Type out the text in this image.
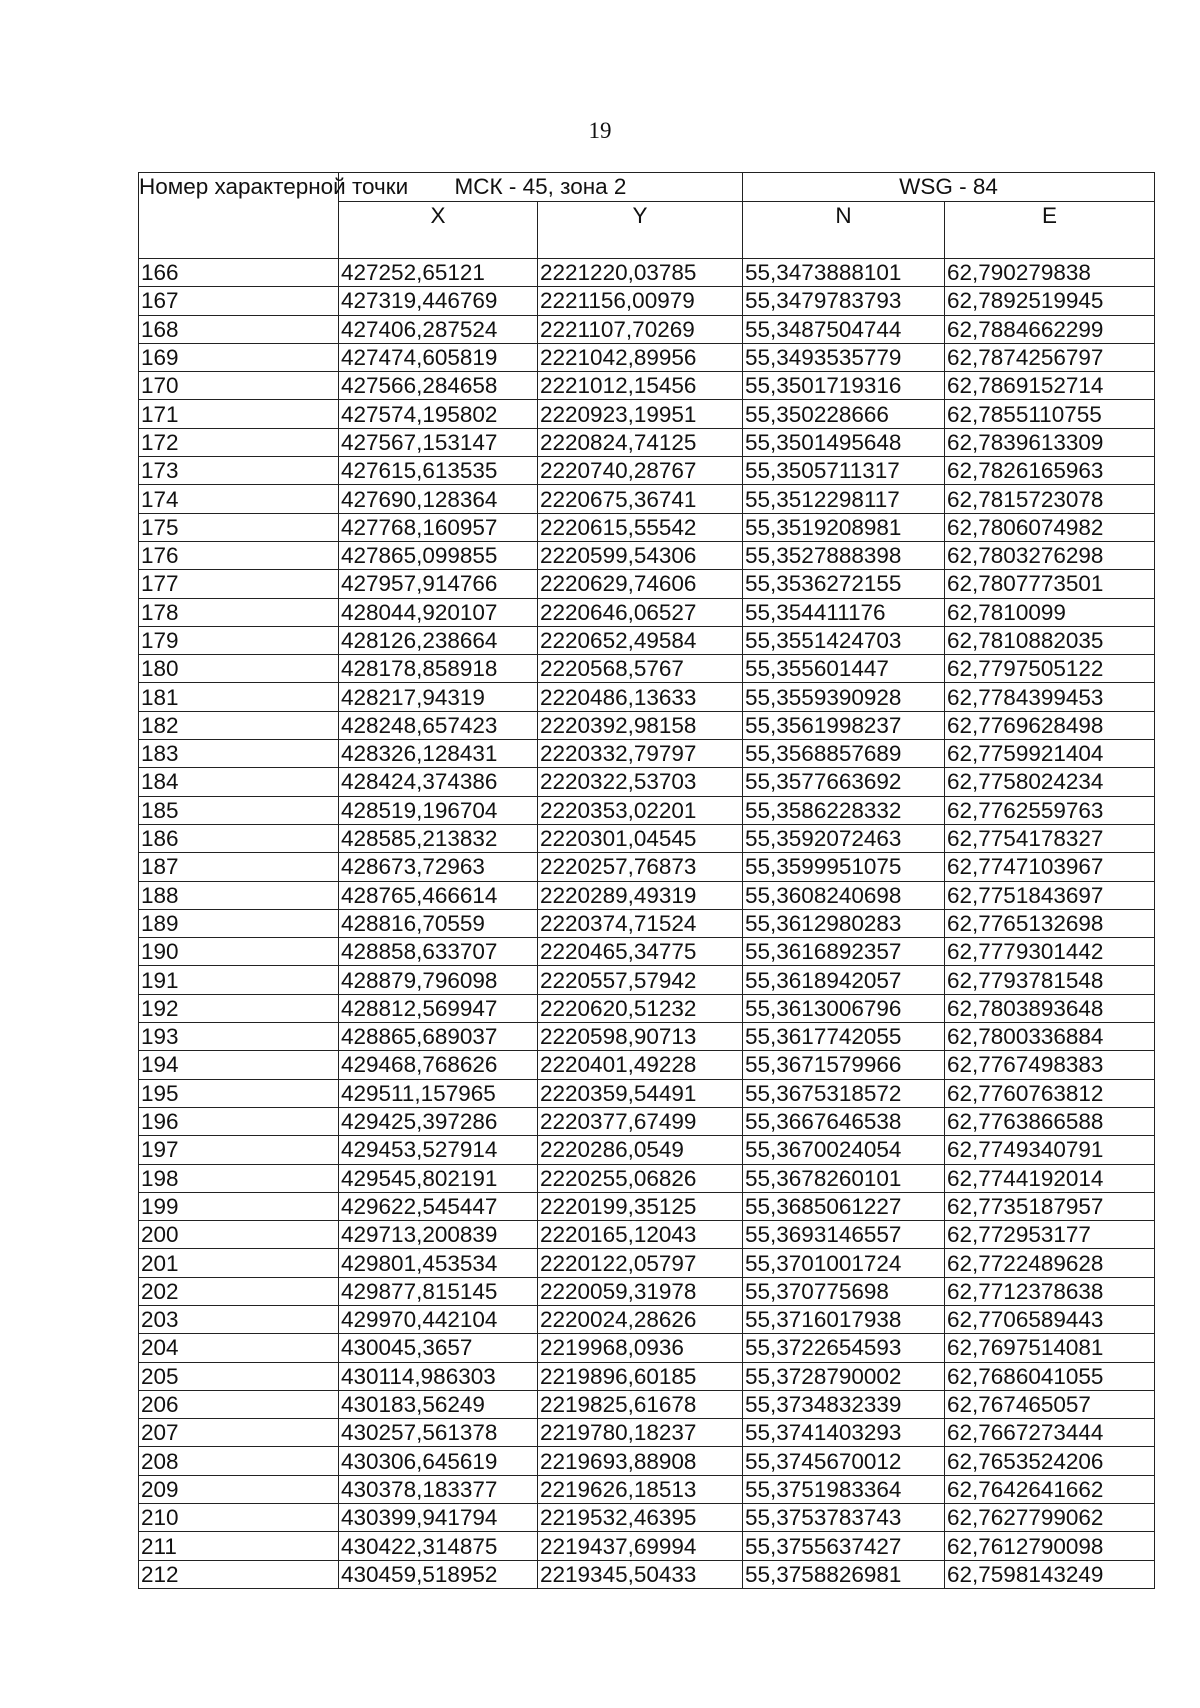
19
Номер характерной точки	МСК - 45, зона 2		WSG - 84	
	X	Y	N	E
166	427252,65121	2221220,03785	55,3473888101	62,790279838
167	427319,446769	2221156,00979	55,3479783793	62,7892519945
168	427406,287524	2221107,70269	55,3487504744	62,7884662299
169	427474,605819	2221042,89956	55,3493535779	62,7874256797
170	427566,284658	2221012,15456	55,3501719316	62,7869152714
171	427574,195802	2220923,19951	55,350228666	62,7855110755
172	427567,153147	2220824,74125	55,3501495648	62,7839613309
173	427615,613535	2220740,28767	55,3505711317	62,7826165963
174	427690,128364	2220675,36741	55,3512298117	62,7815723078
175	427768,160957	2220615,55542	55,3519208981	62,7806074982
176	427865,099855	2220599,54306	55,3527888398	62,7803276298
177	427957,914766	2220629,74606	55,3536272155	62,7807773501
178	428044,920107	2220646,06527	55,354411176	62,7810099
179	428126,238664	2220652,49584	55,3551424703	62,7810882035
180	428178,858918	2220568,5767	55,355601447	62,7797505122
181	428217,94319	2220486,13633	55,3559390928	62,7784399453
182	428248,657423	2220392,98158	55,3561998237	62,7769628498
183	428326,128431	2220332,79797	55,3568857689	62,7759921404
184	428424,374386	2220322,53703	55,3577663692	62,7758024234
185	428519,196704	2220353,02201	55,3586228332	62,7762559763
186	428585,213832	2220301,04545	55,3592072463	62,7754178327
187	428673,72963	2220257,76873	55,3599951075	62,7747103967
188	428765,466614	2220289,49319	55,3608240698	62,7751843697
189	428816,70559	2220374,71524	55,3612980283	62,7765132698
190	428858,633707	2220465,34775	55,3616892357	62,7779301442
191	428879,796098	2220557,57942	55,3618942057	62,7793781548
192	428812,569947	2220620,51232	55,3613006796	62,7803893648
193	428865,689037	2220598,90713	55,3617742055	62,7800336884
194	429468,768626	2220401,49228	55,3671579966	62,7767498383
195	429511,157965	2220359,54491	55,3675318572	62,7760763812
196	429425,397286	2220377,67499	55,3667646538	62,7763866588
197	429453,527914	2220286,0549	55,3670024054	62,7749340791
198	429545,802191	2220255,06826	55,3678260101	62,7744192014
199	429622,545447	2220199,35125	55,3685061227	62,7735187957
200	429713,200839	2220165,12043	55,3693146557	62,772953177
201	429801,453534	2220122,05797	55,3701001724	62,7722489628
202	429877,815145	2220059,31978	55,370775698	62,7712378638
203	429970,442104	2220024,28626	55,3716017938	62,7706589443
204	430045,3657	2219968,0936	55,3722654593	62,7697514081
205	430114,986303	2219896,60185	55,3728790002	62,7686041055
206	430183,56249	2219825,61678	55,3734832339	62,767465057
207	430257,561378	2219780,18237	55,3741403293	62,7667273444
208	430306,645619	2219693,88908	55,3745670012	62,7653524206
209	430378,183377	2219626,18513	55,3751983364	62,7642641662
210	430399,941794	2219532,46395	55,3753783743	62,7627799062
211	430422,314875	2219437,69994	55,3755637427	62,7612790098
212	430459,518952	2219345,50433	55,3758826981	62,7598143249
